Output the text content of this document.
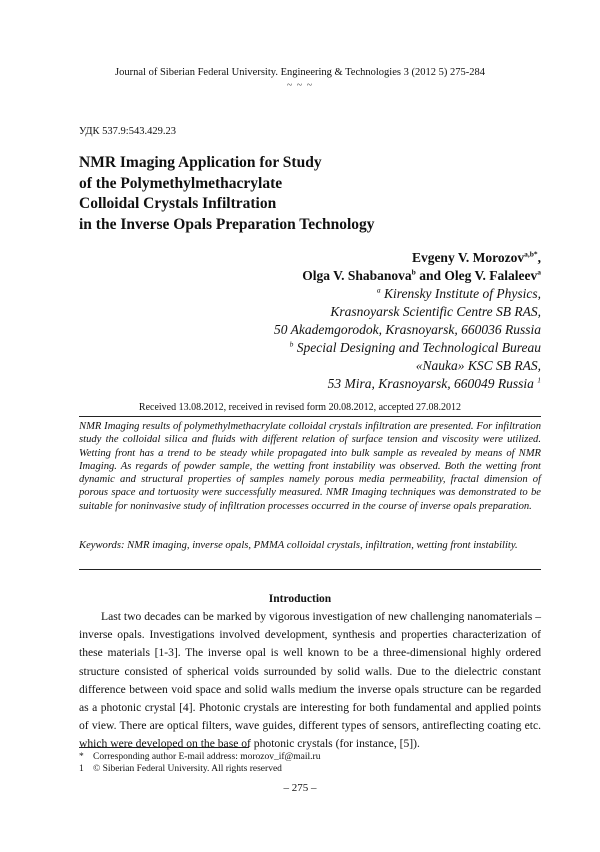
Journal of Siberian Federal University. Engineering & Technologies 3 (2012 5) 275-284
~ ~ ~
УДК 537.9:543.429.23
NMR Imaging Application for Study
of the Polymethylmethacrylate
Colloidal Crystals Infiltration
in the Inverse Opals Preparation Technology
Evgeny V. Morozov$^{a,b*}$,
Olga V. Shabanova$^b$ and Oleg V. Falaleev$^a$
$^a$ Kirensky Institute of Physics,
Krasnoyarsk Scientific Centre SB RAS,
50 Akademgorodok, Krasnoyarsk, 660036 Russia
$^b$ Special Designing and Technological Bureau
«Nauka» KSC SB RAS,
53 Mira, Krasnoyarsk, 660049 Russia $^1$
Received 13.08.2012, received in revised form 20.08.2012, accepted 27.08.2012
NMR Imaging results of polymethylmethacrylate colloidal crystals infiltration are presented. For infiltration study the colloidal silica and fluids with different relation of surface tension and viscosity were utilized. Wetting front has a trend to be steady while propagated into bulk sample as revealed by means of NMR Imaging. As regards of powder sample, the wetting front instability was observed. Both the wetting front dynamic and structural properties of samples namely porous media permeability, fractal dimension of porous space and tortuosity were successfully measured. NMR Imaging techniques was demonstrated to be suitable for noninvasive study of infiltration processes occurred in the course of inverse opals preparation.
Keywords: NMR imaging, inverse opals, PMMA colloidal crystals, infiltration, wetting front instability.
Introduction
Last two decades can be marked by vigorous investigation of new challenging nanomaterials – inverse opals. Investigations involved development, synthesis and properties characterization of these materials [1-3]. The inverse opal is well known to be a three-dimensional highly ordered structure consisted of spherical voids surrounded by solid walls. Due to the dielectric constant difference between void space and solid walls medium the inverse opals structure can be regarded as a photonic crystal [4]. Photonic crystals are interesting for both fundamental and applied points of view. There are optical filters, wave guides, different types of sensors, antireflecting coating etc. which were developed on the base of photonic crystals (for instance, [5]).
* Corresponding author E-mail address: morozov_if@mail.ru
1 © Siberian Federal University. All rights reserved
– 275 –
